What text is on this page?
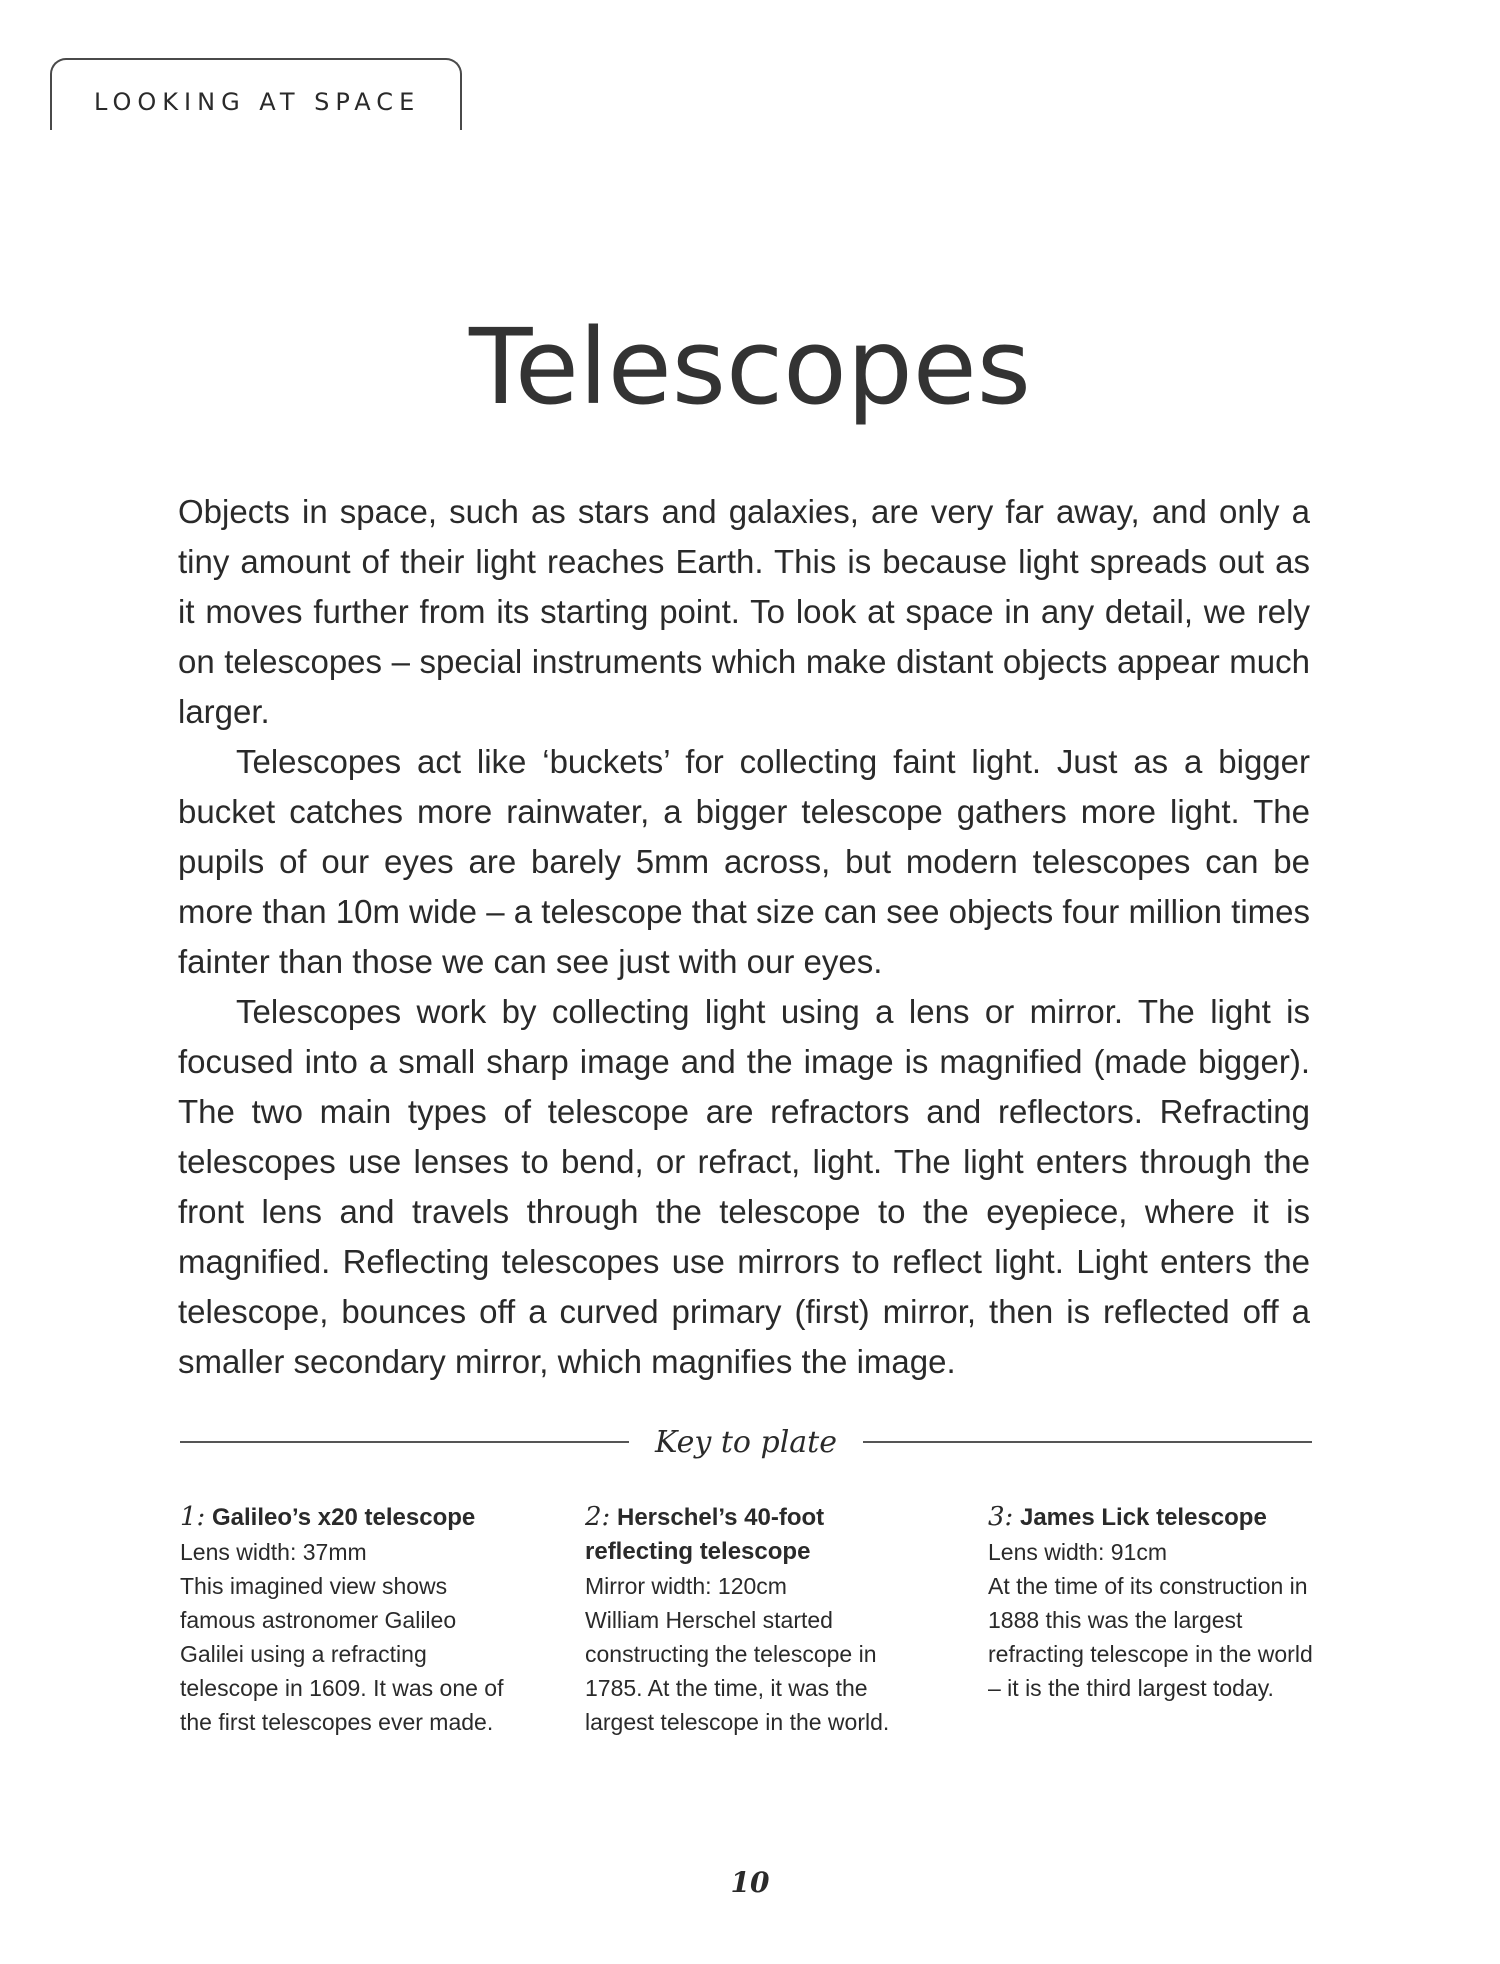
LOOKING AT SPACE
Telescopes

Objects in space, such as stars and galaxies, are very far away, and only a tiny amount of their light reaches Earth. This is because light spreads out as it moves further from its starting point. To look at space in any detail, we rely on telescopes – special instruments which make distant objects appear much larger.

Telescopes act like ‘buckets’ for collecting faint light. Just as a bigger bucket catches more rainwater, a bigger telescope gathers more light. The pupils of our eyes are barely 5mm across, but modern telescopes can be more than 10m wide – a telescope that size can see objects four million times fainter than those we can see just with our eyes.

Telescopes work by collecting light using a lens or mirror. The light is focused into a small sharp image and the image is magnified (made bigger). The two main types of telescope are refractors and reflectors. Refracting telescopes use lenses to bend, or refract, light. The light enters through the front lens and travels through the telescope to the eyepiece, where it is magnified. Reflecting telescopes use mirrors to reflect light. Light enters the telescope, bounces off a curved primary (first) mirror, then is reflected off a smaller secondary mirror, which magnifies the image.

Key to plate
1: Galileo’s x20 telescope
Lens width: 37mm
This imagined view shows famous astronomer Galileo Galilei using a refracting telescope in 1609. It was one of the first telescopes ever made.
2: Herschel’s 40-foot reflecting telescope
Mirror width: 120cm
William Herschel started constructing the telescope in 1785. At the time, it was the largest telescope in the world.
3: James Lick telescope
Lens width: 91cm
At the time of its construction in 1888 this was the largest refracting telescope in the world – it is the third largest today.
10
